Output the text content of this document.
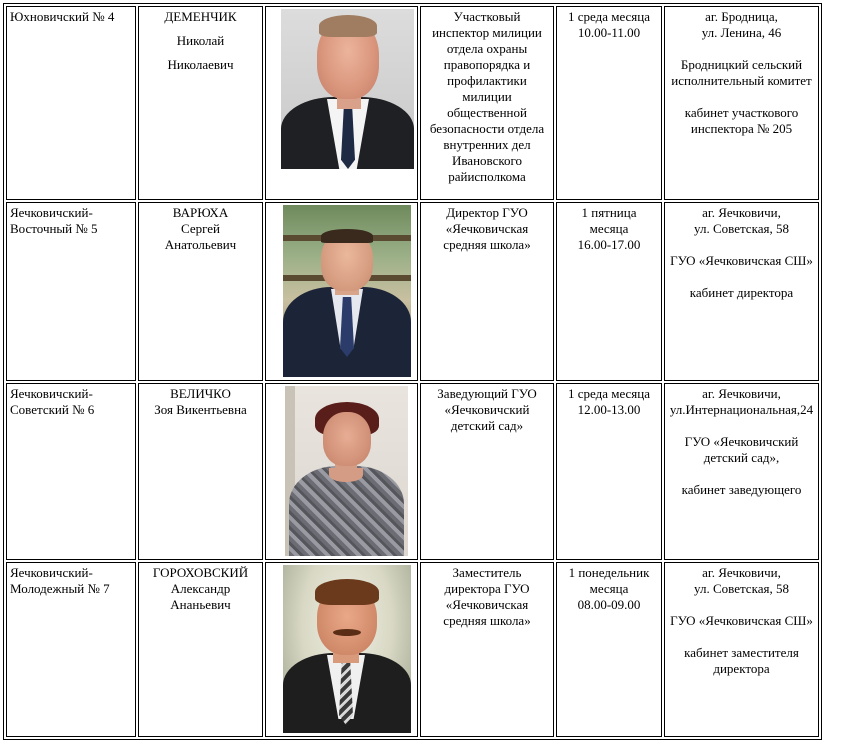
Юхновичский № 4	ДЕМЕНЧИК
Николай
Николаевич		Участковый инспектор милиции отдела охраны правопорядка и профилактики милиции общественной безопасности отдела внутренних дел Ивановского райисполкома	1 среда месяца
10.00-11.00	аг. Бродница,
ул. Ленина, 46
Бродницкий сельский исполнительный комитет
кабинет участкового инспектора № 205

Яечковичский-Восточный № 5	ВАРЮХА
Сергей
Анатольевич		Директор ГУО «Яечковичская средняя школа»	1 пятница
месяца
16.00-17.00	аг. Яечковичи,
ул. Советская, 58
ГУО «Яечковичская СШ»
кабинет директора

Яечковичский-Советский № 6	ВЕЛИЧКО
Зоя Викентьевна		Заведующий ГУО «Яечковичский детский сад»	1 среда месяца
12.00-13.00	аг. Яечковичи,
ул.Интернациональная,24
ГУО «Яечковичский детский сад»,
кабинет заведующего

Яечковичский-Молодежный № 7	ГОРОХОВСКИЙ
Александр
Ананьевич		Заместитель директора ГУО «Яечковичская средняя школа»	1 понедельник
месяца
08.00-09.00	аг. Яечковичи,
ул. Советская, 58
ГУО «Яечковичская СШ»
кабинет заместителя директора
